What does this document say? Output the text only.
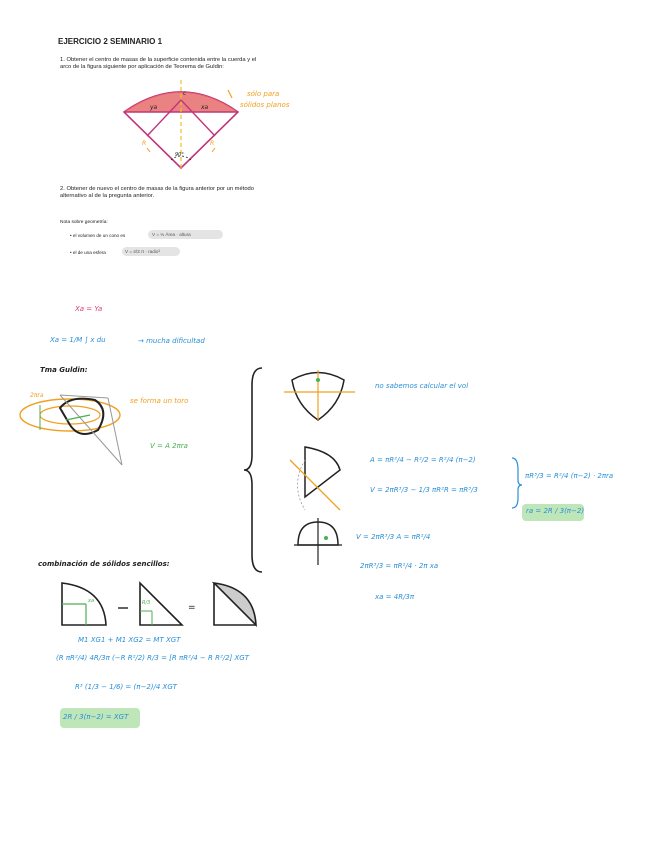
EJERCICIO 2 SEMINARIO 1
1. Obtener el centro de masas de la superficie contenida entre la cuerda y el
arco de la figura siguiente por aplicación de Teorema de Guldin:
2. Obtener de nuevo el centro de masas de la figura anterior por un método
alternativo al de la pregunta anterior.
Nota sobre geometría:
• el volumen de un cono es	V = ⅓ Área · altura
• el de una esfera	V = 4/3 π · radio³
=
c
ya	xa
R	R
90°
sólo para
sólidos planos
Xa = Ya
Xa = 1/M ∫ x du	→ mucha dificultad
Tma Guldin:
2πra
se forma un toro
V = A 2πra
no sabemos calcular el vol
A = πR²/4 − R²/2 = R²/4 (π−2)
V = 2πR³/3 − 1/3 πR²R = πR³/3
πR³/3 = R²/4 (π−2) · 2πra
ra = 2R / 3(π−2)
V = 2πR³/3 A = πR²/4
2πR³/3 = πR²/4 · 2π xa
xa = 4R/3π
combinación de sólidos sencillos:
R/3
xa
M1 XG1 + M1 XG2 = MT XGT
(R πR²/4) 4R/3π (−R R²/2) R/3 = [R πR²/4 − R R²/2] XGT
R³ (1/3 − 1/6) = (π−2)/4 XGT
2R / 3(π−2) = XGT
